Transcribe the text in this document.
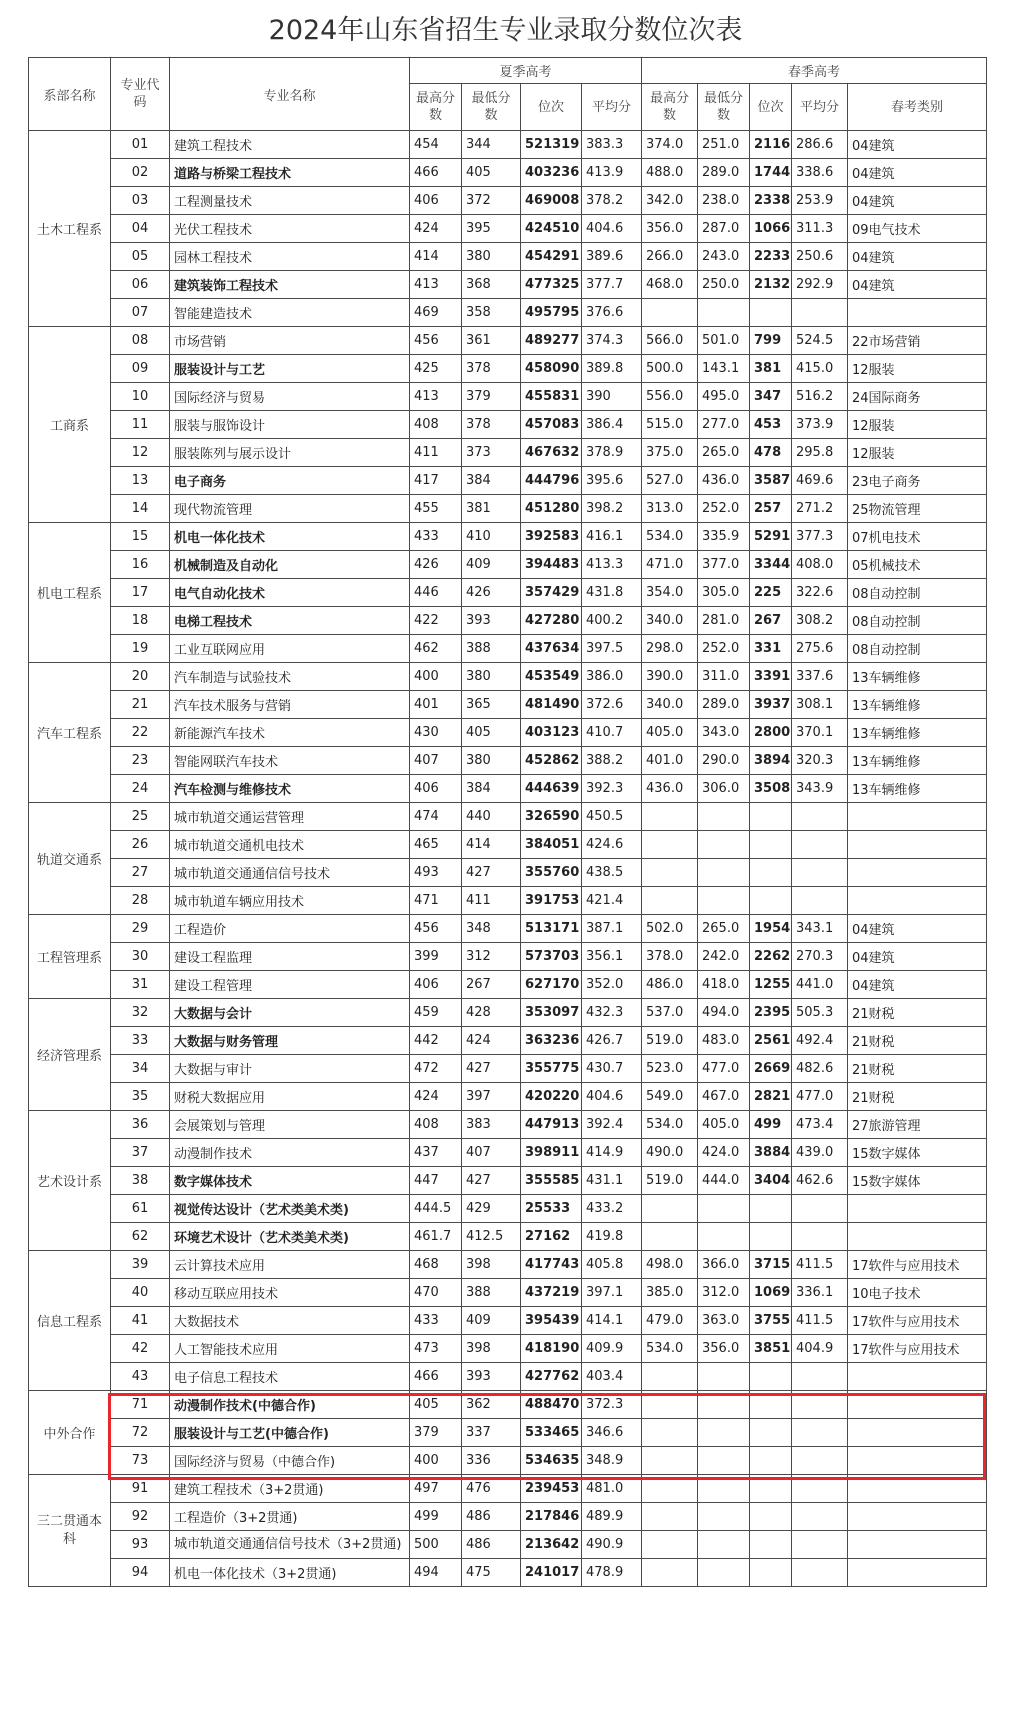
2024年山东省招生专业录取分数位次表
系部名称	专业代码	专业名称	夏季高考				春季高考				
			最高分数	最低分数	位次	平均分	最高分数	最低分数	位次	平均分	春考类别
土木工程系	01	建筑工程技术	454	344	521319	383.3	374.0	251.0	2116	286.6	04建筑
	02	道路与桥梁工程技术	466	405	403236	413.9	488.0	289.0	1744	338.6	04建筑
	03	工程测量技术	406	372	469008	378.2	342.0	238.0	2338	253.9	04建筑
	04	光伏工程技术	424	395	424510	404.6	356.0	287.0	1066	311.3	09电气技术
	05	园林工程技术	414	380	454291	389.6	266.0	243.0	2233	250.6	04建筑
	06	建筑装饰工程技术	413	368	477325	377.7	468.0	250.0	2132	292.9	04建筑
	07	智能建造技术	469	358	495795	376.6					
工商系	08	市场营销	456	361	489277	374.3	566.0	501.0	799	524.5	22市场营销
	09	服装设计与工艺	425	378	458090	389.8	500.0	143.1	381	415.0	12服装
	10	国际经济与贸易	413	379	455831	390	556.0	495.0	347	516.2	24国际商务
	11	服装与服饰设计	408	378	457083	386.4	515.0	277.0	453	373.9	12服装
	12	服装陈列与展示设计	411	373	467632	378.9	375.0	265.0	478	295.8	12服装
	13	电子商务	417	384	444796	395.6	527.0	436.0	3587	469.6	23电子商务
	14	现代物流管理	455	381	451280	398.2	313.0	252.0	257	271.2	25物流管理
机电工程系	15	机电一体化技术	433	410	392583	416.1	534.0	335.9	5291	377.3	07机电技术
	16	机械制造及自动化	426	409	394483	413.3	471.0	377.0	3344	408.0	05机械技术
	17	电气自动化技术	446	426	357429	431.8	354.0	305.0	225	322.6	08自动控制
	18	电梯工程技术	422	393	427280	400.2	340.0	281.0	267	308.2	08自动控制
	19	工业互联网应用	462	388	437634	397.5	298.0	252.0	331	275.6	08自动控制
汽车工程系	20	汽车制造与试验技术	400	380	453549	386.0	390.0	311.0	3391	337.6	13车辆维修
	21	汽车技术服务与营销	401	365	481490	372.6	340.0	289.0	3937	308.1	13车辆维修
	22	新能源汽车技术	430	405	403123	410.7	405.0	343.0	2800	370.1	13车辆维修
	23	智能网联汽车技术	407	380	452862	388.2	401.0	290.0	3894	320.3	13车辆维修
	24	汽车检测与维修技术	406	384	444639	392.3	436.0	306.0	3508	343.9	13车辆维修
轨道交通系	25	城市轨道交通运营管理	474	440	326590	450.5					
	26	城市轨道交通机电技术	465	414	384051	424.6					
	27	城市轨道交通通信信号技术	493	427	355760	438.5					
	28	城市轨道车辆应用技术	471	411	391753	421.4					
工程管理系	29	工程造价	456	348	513171	387.1	502.0	265.0	1954	343.1	04建筑
	30	建设工程监理	399	312	573703	356.1	378.0	242.0	2262	270.3	04建筑
	31	建设工程管理	406	267	627170	352.0	486.0	418.0	1255	441.0	04建筑
经济管理系	32	大数据与会计	459	428	353097	432.3	537.0	494.0	2395	505.3	21财税
	33	大数据与财务管理	442	424	363236	426.7	519.0	483.0	2561	492.4	21财税
	34	大数据与审计	472	427	355775	430.7	523.0	477.0	2669	482.6	21财税
	35	财税大数据应用	424	397	420220	404.6	549.0	467.0	2821	477.0	21财税
艺术设计系	36	会展策划与管理	408	383	447913	392.4	534.0	405.0	499	473.4	27旅游管理
	37	动漫制作技术	437	407	398911	414.9	490.0	424.0	3884	439.0	15数字媒体
	38	数字媒体技术	447	427	355585	431.1	519.0	444.0	3404	462.6	15数字媒体
	61	视觉传达设计（艺术类美术类)	444.5	429	25533	433.2					
	62	环境艺术设计（艺术类美术类)	461.7	412.5	27162	419.8					
信息工程系	39	云计算技术应用	468	398	417743	405.8	498.0	366.0	3715	411.5	17软件与应用技术
	40	移动互联应用技术	470	388	437219	397.1	385.0	312.0	1069	336.1	10电子技术
	41	大数据技术	433	409	395439	414.1	479.0	363.0	3755	411.5	17软件与应用技术
	42	人工智能技术应用	473	398	418190	409.9	534.0	356.0	3851	404.9	17软件与应用技术
	43	电子信息工程技术	466	393	427762	403.4					
中外合作	71	动漫制作技术(中德合作)	405	362	488470	372.3					
	72	服装设计与工艺(中德合作)	379	337	533465	346.6					
	73	国际经济与贸易（中德合作)	400	336	534635	348.9					
三二贯通本科	91	建筑工程技术（3+2贯通)	497	476	239453	481.0					
	92	工程造价（3+2贯通)	499	486	217846	489.9					
	93	城市轨道交通通信信号技术（3+2贯通)	500	486	213642	490.9					
	94	机电一体化技术（3+2贯通)	494	475	241017	478.9					
